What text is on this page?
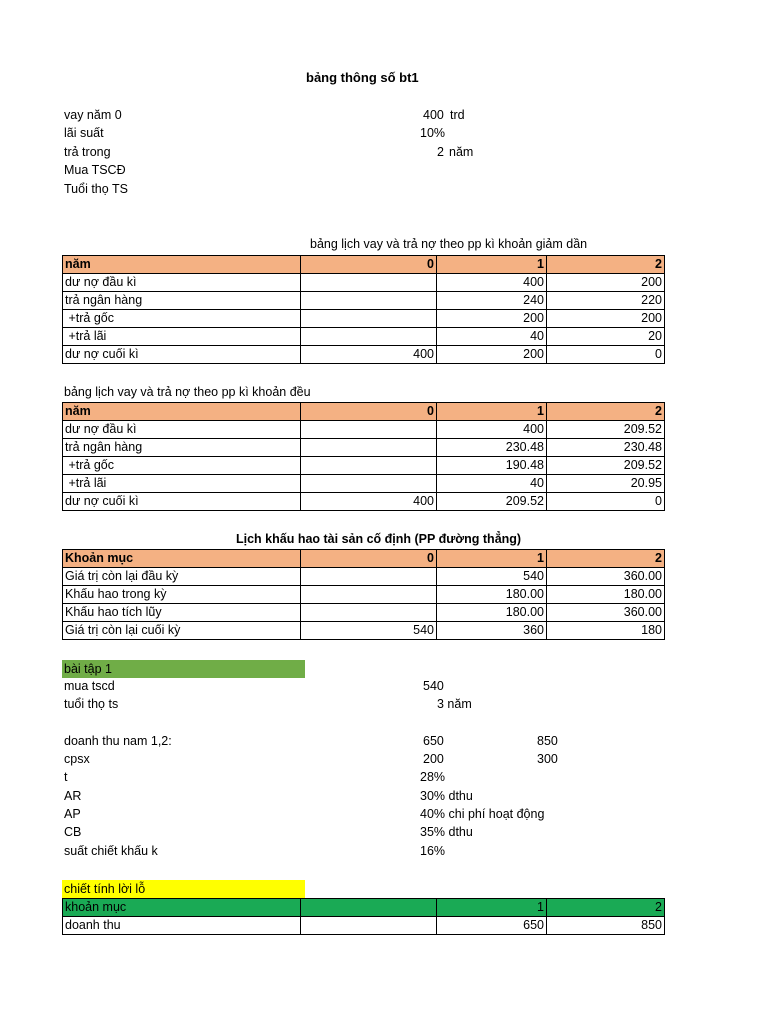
bảng thông số bt1
vay năm 0	400 trd
lãi suất	10%
trả trong	2 năm
Mua TSCĐ
Tuổi thọ TS
bảng lịch vay và trả nợ theo pp kì khoản giảm dần
năm	0	1	2
dư nợ đầu kì		400	200
trả ngân hàng		240	220
+trả gốc		200	200
+trả lãi		40	20
dư nợ cuối kì	400	200	0
bảng lịch vay và trả nợ theo pp kì khoản đều
năm	0	1	2
dư nợ đầu kì		400	209.52
trả ngân hàng		230.48	230.48
+trả gốc		190.48	209.52
+trả lãi		40	20.95
dư nợ cuối kì	400	209.52	0
Lịch khấu hao tài sản cố định (PP đường thẳng)
Khoản mục	0	1	2
Giá trị còn lại đầu kỳ		540	360.00
Khấu hao trong kỳ		180.00	180.00
Khấu hao tích lũy		180.00	360.00
Giá trị còn lại cuối kỳ	540	360	180
bài tập 1
mua tscd	540
tuổi thọ ts	3 năm
doanh thu nam 1,2:	650	850
cpsx	200	300
t	28%
AR	30% dthu
AP	40% chi phí hoạt động
CB	35% dthu
suất chiết khấu k	16%
chiết tính lời lỗ
khoản mục		1	2
doanh thu		650	850
